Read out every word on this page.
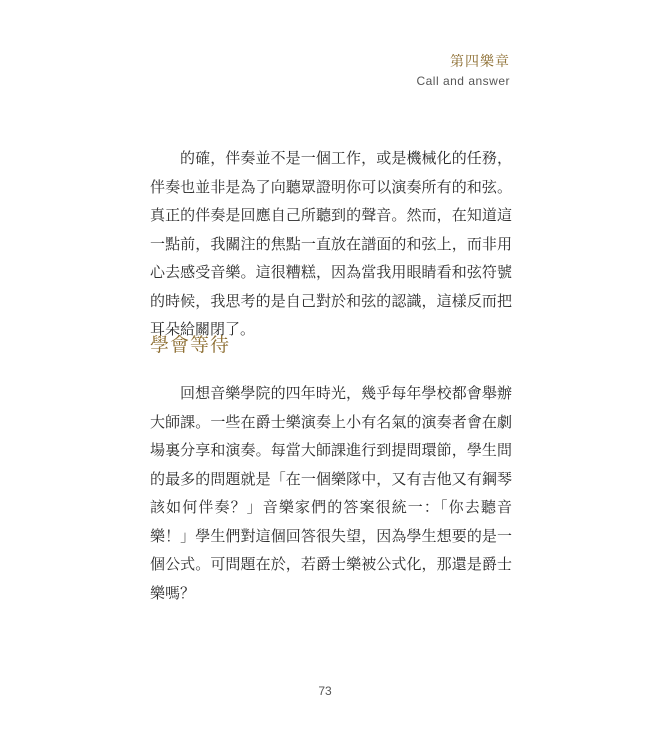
第四樂章
Call and answer

的確，伴奏並不是一個工作，或是機械化的任務，伴奏也並非是為了向聽眾證明你可以演奏所有的和弦。真正的伴奏是回應自己所聽到的聲音。然而，在知道這一點前，我關注的焦點一直放在譜面的和弦上，而非用心去感受音樂。這很糟糕，因為當我用眼睛看和弦符號的時候，我思考的是自己對於和弦的認識，這樣反而把耳朵給關閉了。

學會等待

回想音樂學院的四年時光，幾乎每年學校都會舉辦大師課。一些在爵士樂演奏上小有名氣的演奏者會在劇場裏分享和演奏。每當大師課進行到提問環節，學生問的最多的問題就是「在一個樂隊中，又有吉他又有鋼琴該如何伴奏？」音樂家們的答案很統一：「你去聽音樂！」學生們對這個回答很失望，因為學生想要的是一個公式。可問題在於，若爵士樂被公式化，那還是爵士樂嗎？

73
